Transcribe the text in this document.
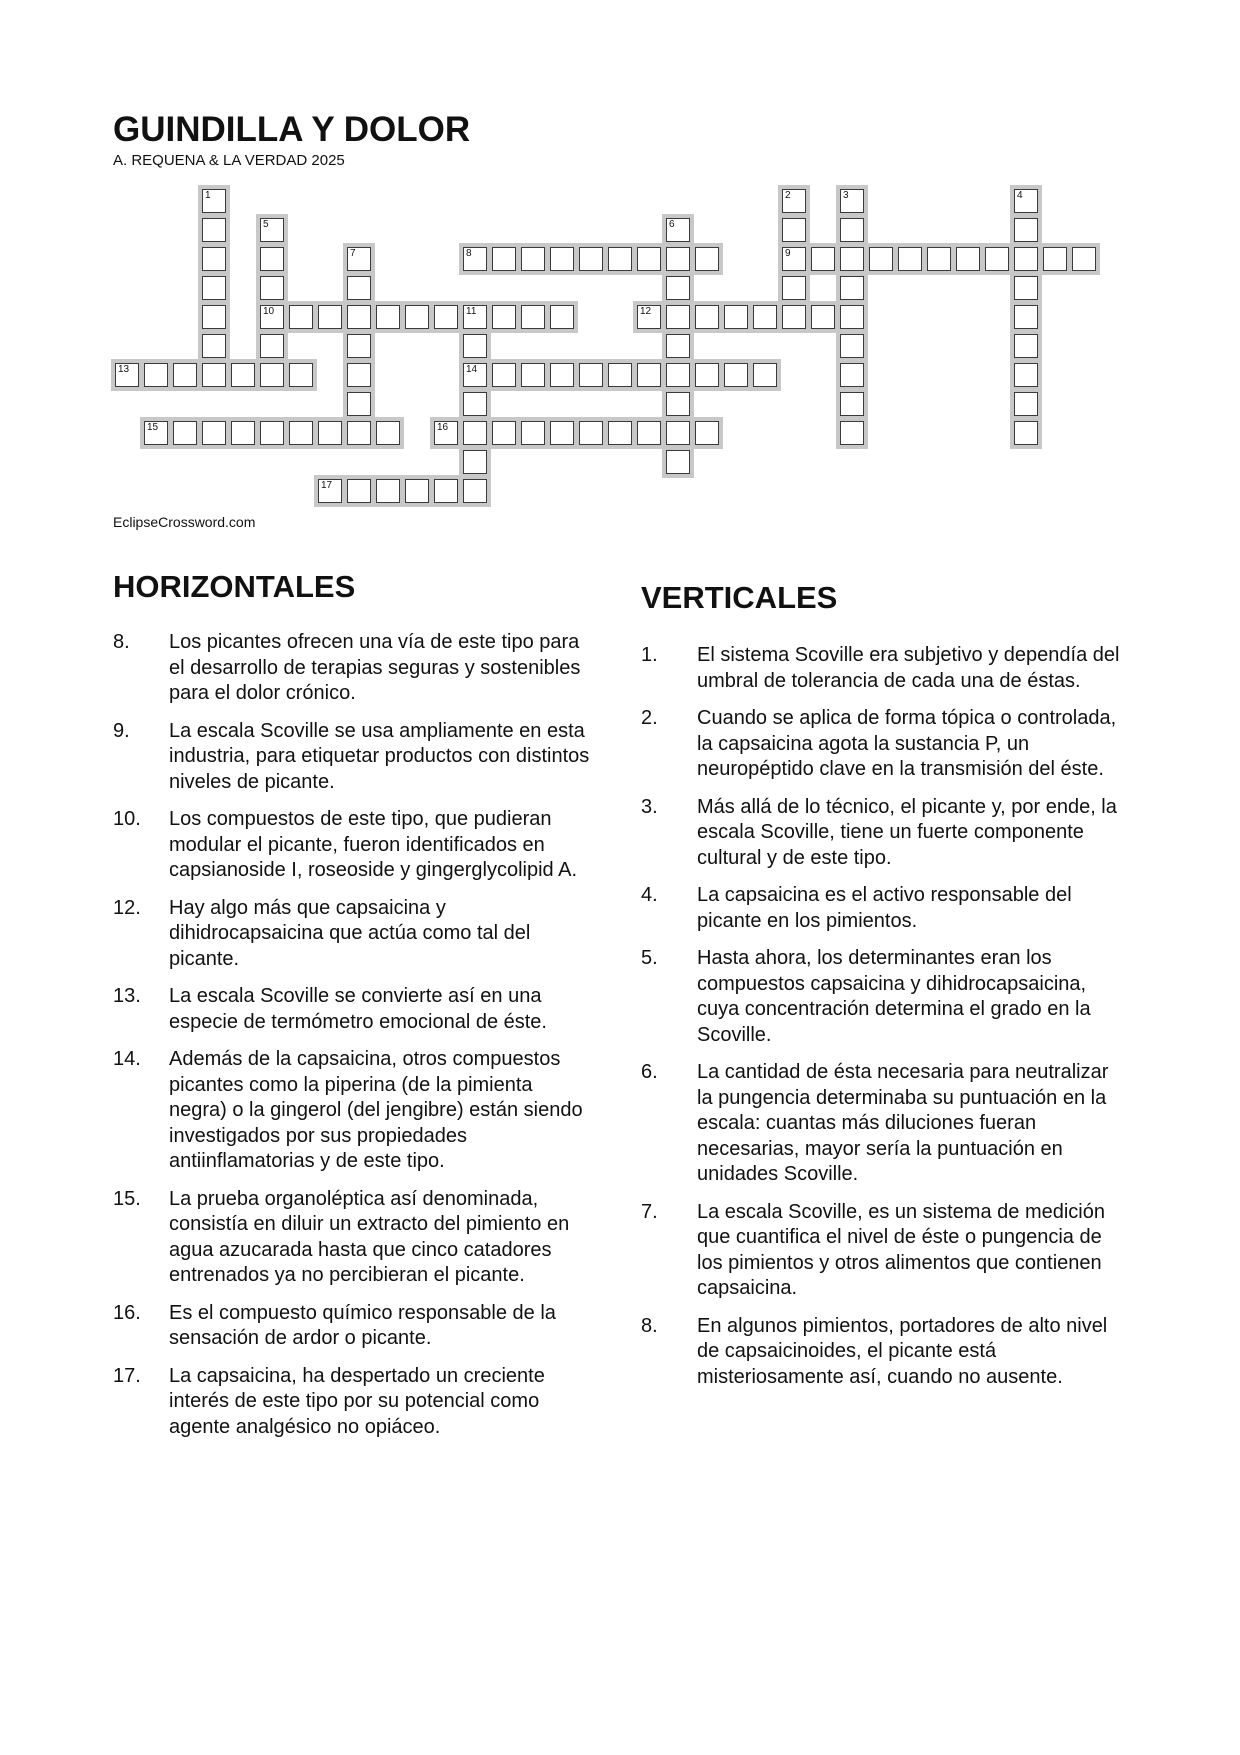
GUINDILLA Y DOLOR
A. REQUENA & LA VERDAD 2025
1	2
9
3	4
5
10
6
7	8
11
14
12
13
15	16
17
EclipseCrossword.com
HORIZONTALES	VERTICALES
8. Los picantes ofrecen una vía de este tipo para el desarrollo de terapias seguras y sostenibles para el dolor crónico.
9. La escala Scoville se usa ampliamente en esta industria, para etiquetar productos con distintos niveles de picante.
10. Los compuestos de este tipo, que pudieran modular el picante, fueron identificados en capsianoside I, roseoside y gingerglycolipid A.
12. Hay algo más que capsaicina y dihidrocapsaicina que actúa como tal del picante.
13. La escala Scoville se convierte así en una especie de termómetro emocional de éste.
14. Además de la capsaicina, otros compuestos picantes como la piperina (de la pimienta negra) o la gingerol (del jengibre) están siendo investigados por sus propiedades antiinflamatorias y de este tipo.
15. La prueba organoléptica así denominada, consistía en diluir un extracto del pimiento en agua azucarada hasta que cinco catadores entrenados ya no percibieran el picante.
16. Es el compuesto químico responsable de la sensación de ardor o picante.
17. La capsaicina, ha despertado un creciente interés de este tipo por su potencial como agente analgésico no opiáceo.
1. El sistema Scoville era subjetivo y dependía del umbral de tolerancia de cada una de éstas.
2. Cuando se aplica de forma tópica o controlada, la capsaicina agota la sustancia P, un neuropéptido clave en la transmisión del éste.
3. Más allá de lo técnico, el picante y, por ende, la escala Scoville, tiene un fuerte componente cultural y de este tipo.
4. La capsaicina es el activo responsable del picante en los pimientos.
5. Hasta ahora, los determinantes eran los compuestos capsaicina y dihidrocapsaicina, cuya concentración determina el grado en la Scoville.
6. La cantidad de ésta necesaria para neutralizar la pungencia determinaba su puntuación en la escala: cuantas más diluciones fueran necesarias, mayor sería la puntuación en unidades Scoville.
7. La escala Scoville, es un sistema de medición que cuantifica el nivel de éste o pungencia de los pimientos y otros alimentos que contienen capsaicina.
8. En algunos pimientos, portadores de alto nivel de capsaicinoides, el picante está misteriosamente así, cuando no ausente.
